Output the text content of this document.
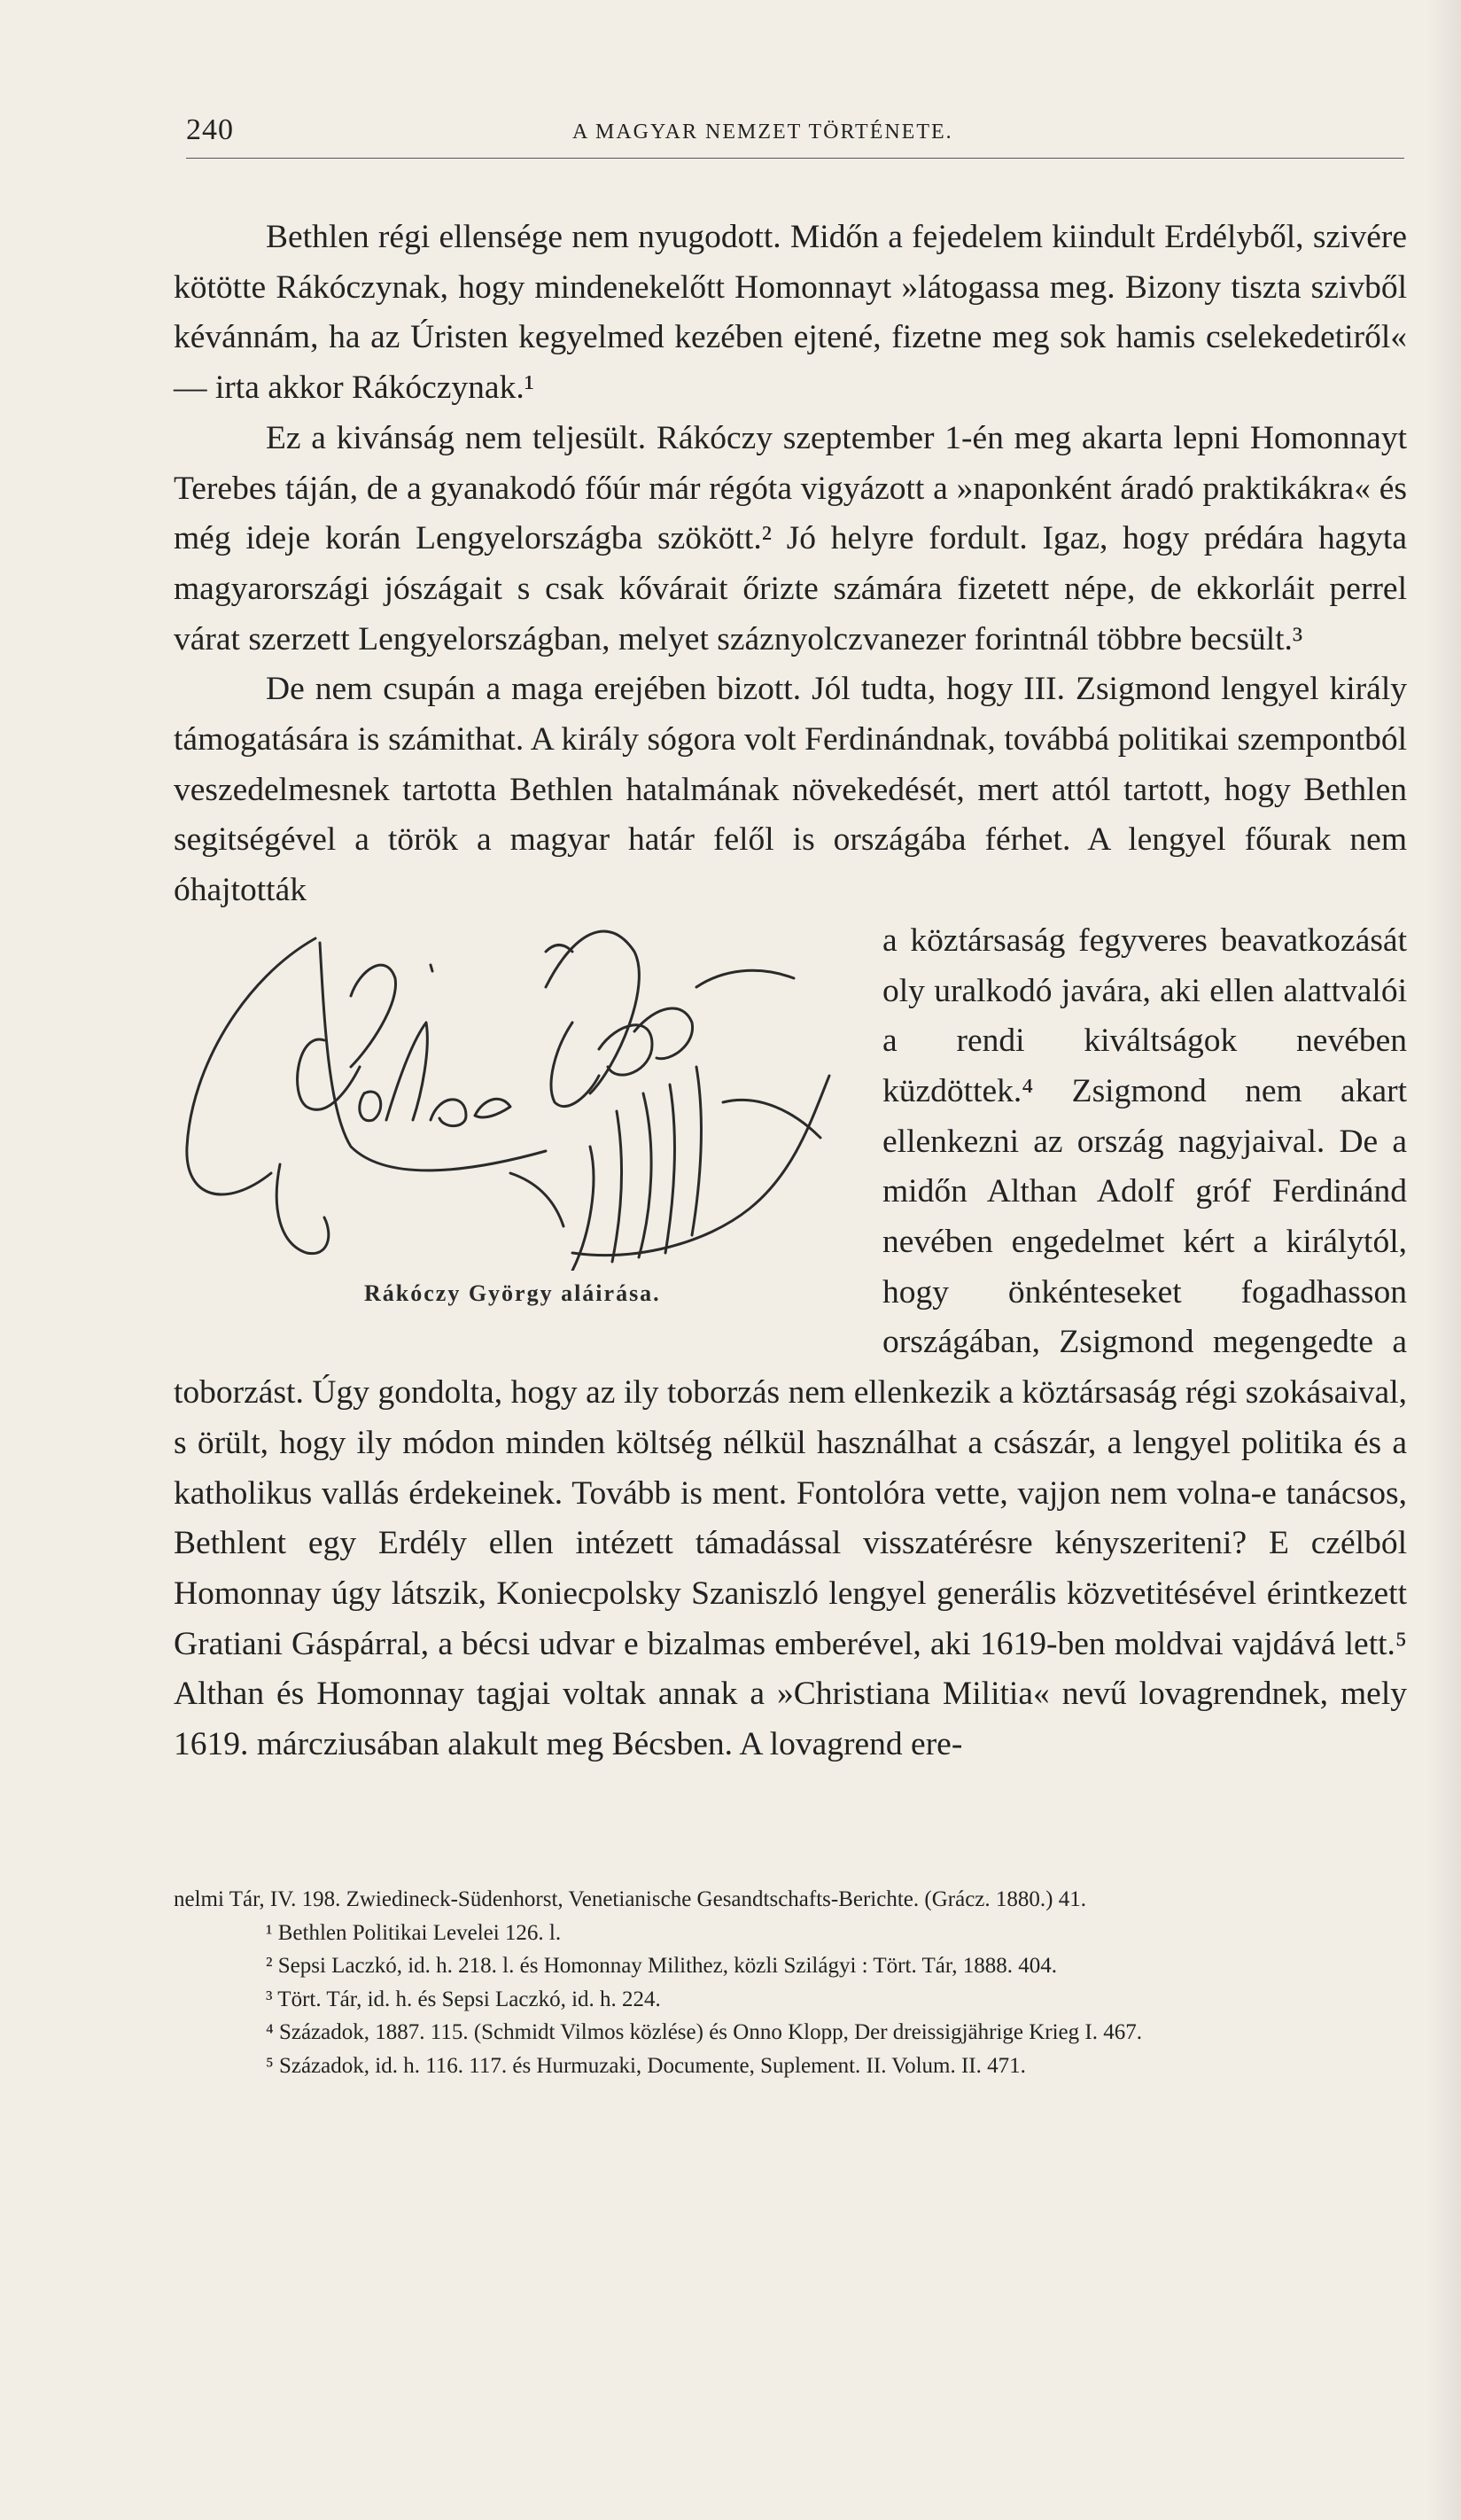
240	A MAGYAR NEMZET TÖRTÉNETE.

Bethlen régi ellensége nem nyugodott. Midőn a fejedelem kiindult Erdélyből, szivére kötötte Rákóczynak, hogy mindenekelőtt Homonnayt »látogassa meg. Bizony tiszta szivből kévánnám, ha az Úristen kegyelmed kezében ejtené, fizetne meg sok hamis cselekedetiről« — irta akkor Rákóczynak.¹

Ez a kivánság nem teljesült. Rákóczy szeptember 1-én meg akarta lepni Homonnayt Terebes táján, de a gyanakodó főúr már régóta vigyázott a »naponként áradó praktikákra« és még ideje korán Lengyelországba szökött.² Jó helyre fordult. Igaz, hogy prédára hagyta magyarországi jószágait s csak kővárait őrizte számára fizetett népe, de ekkorláit perrel várat szerzett Lengyelországban, melyet száznyolczvanezer forintnál többre becsült.³

De nem csupán a maga erejében bizott. Jól tudta, hogy III. Zsigmond lengyel király támogatására is számithat. A király sógora volt Ferdinándnak, továbbá politikai szempontból veszedelmesnek tartotta Bethlen hatalmának növekedését, mert attól tartott, hogy Bethlen segitségével a török a magyar határ felől is országába férhet. A lengyel főurak nem óhajtották

Rákóczy György aláirása.

a köztársaság fegyveres beavatkozását oly uralkodó javára, aki ellen alattvalói a rendi kiváltságok nevében küzdöttek.⁴ Zsigmond nem akart ellenkezni az ország nagyjaival. De a midőn Althan Adolf gróf Ferdinánd nevében engedelmet kért a királytól, hogy önkénteseket fogadhasson országában, Zsigmond megengedte a toborzást. Úgy gondolta, hogy az ily toborzás nem ellenkezik a köztársaság régi szokásaival, s örült, hogy ily módon minden költség nélkül használhat a császár, a lengyel politika és a katholikus vallás érdekeinek. Tovább is ment. Fontolóra vette, vajjon nem volna-e tanácsos, Bethlent egy Erdély ellen intézett támadással visszatérésre kényszeriteni? E czélból Homonnay úgy látszik, Koniecpolsky Szaniszló lengyel generális közvetitésével érintkezett Gratiani Gáspárral, a bécsi udvar e bizalmas emberével, aki 1619-ben moldvai vajdává lett.⁵ Althan és Homonnay tagjai voltak annak a »Christiana Militia« nevű lovagrendnek, mely 1619. márcziusában alakult meg Bécsben. A lovagrend ere-

nelmi Tár, IV. 198. Zwiedineck-Südenhorst, Venetianische Gesandtschafts-Berichte. (Grácz. 1880.) 41.

¹ Bethlen Politikai Levelei 126. l.

² Sepsi Laczkó, id. h. 218. l. és Homonnay Milithez, közli Szilágyi : Tört. Tár, 1888. 404.

³ Tört. Tár, id. h. és Sepsi Laczkó, id. h. 224.

⁴ Századok, 1887. 115. (Schmidt Vilmos közlése) és Onno Klopp, Der dreissigjährige Krieg I. 467.

⁵ Századok, id. h. 116. 117. és Hurmuzaki, Documente, Suplement. II. Volum. II. 471.
